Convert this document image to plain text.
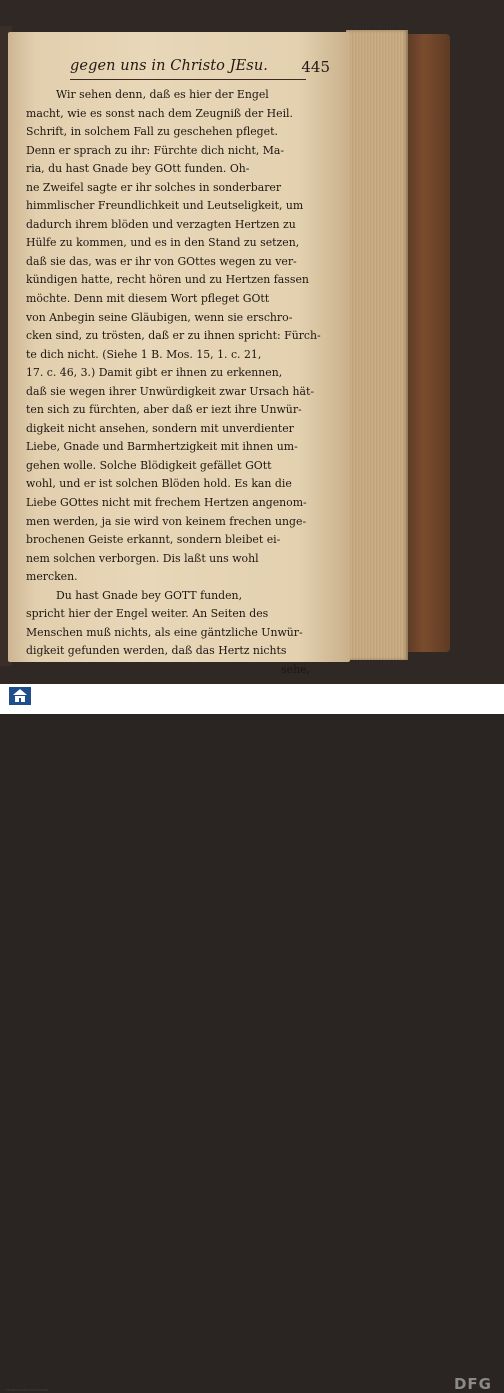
gegen uns in Christo JEsu. 445
Wir sehen denn, daß es hier der Engel
macht, wie es sonst nach dem Zeugniß der Heil.
Schrift, in solchem Fall zu geschehen pfleget.
Denn er sprach zu ihr: Fürchte dich nicht, Ma-
ria, du hast Gnade bey GOtt funden. Oh-
ne Zweifel sagte er ihr solches in sonderbarer
himmlischer Freundlichkeit und Leutseligkeit, um
dadurch ihrem blöden und verzagten Hertzen zu
Hülfe zu kommen, und es in den Stand zu setzen,
daß sie das, was er ihr von GOttes wegen zu ver-
kündigen hatte, recht hören und zu Hertzen fassen
möchte. Denn mit diesem Wort pfleget GOtt
von Anbegin seine Gläubigen, wenn sie erschro-
cken sind, zu trösten, daß er zu ihnen spricht: Fürch-
te dich nicht. (Siehe 1 B. Mos. 15, 1. c. 21,
17. c. 46, 3.) Damit gibt er ihnen zu erkennen,
daß sie wegen ihrer Unwürdigkeit zwar Ursach hät-
ten sich zu fürchten, aber daß er iezt ihre Unwür-
digkeit nicht ansehen, sondern mit unverdienter
Liebe, Gnade und Barmhertzigkeit mit ihnen um-
gehen wolle. Solche Blödigkeit gefället GOtt
wohl, und er ist solchen Blöden hold. Es kan die
Liebe GOttes nicht mit frechem Hertzen angenom-
men werden, ja sie wird von keinem frechen unge-
brochenen Geiste erkannt, sondern bleibet ei-
nem solchen verborgen. Dis laßt uns wohl
mercken.
Du hast Gnade bey GOTT funden,
spricht hier der Engel weiter. An Seiten des
Menschen muß nichts, als eine gäntzliche Unwür-
digkeit gefunden werden, daß das Hertz nichts
sehe,
FRANCKESCHE STIFTUNGEN	DFG
